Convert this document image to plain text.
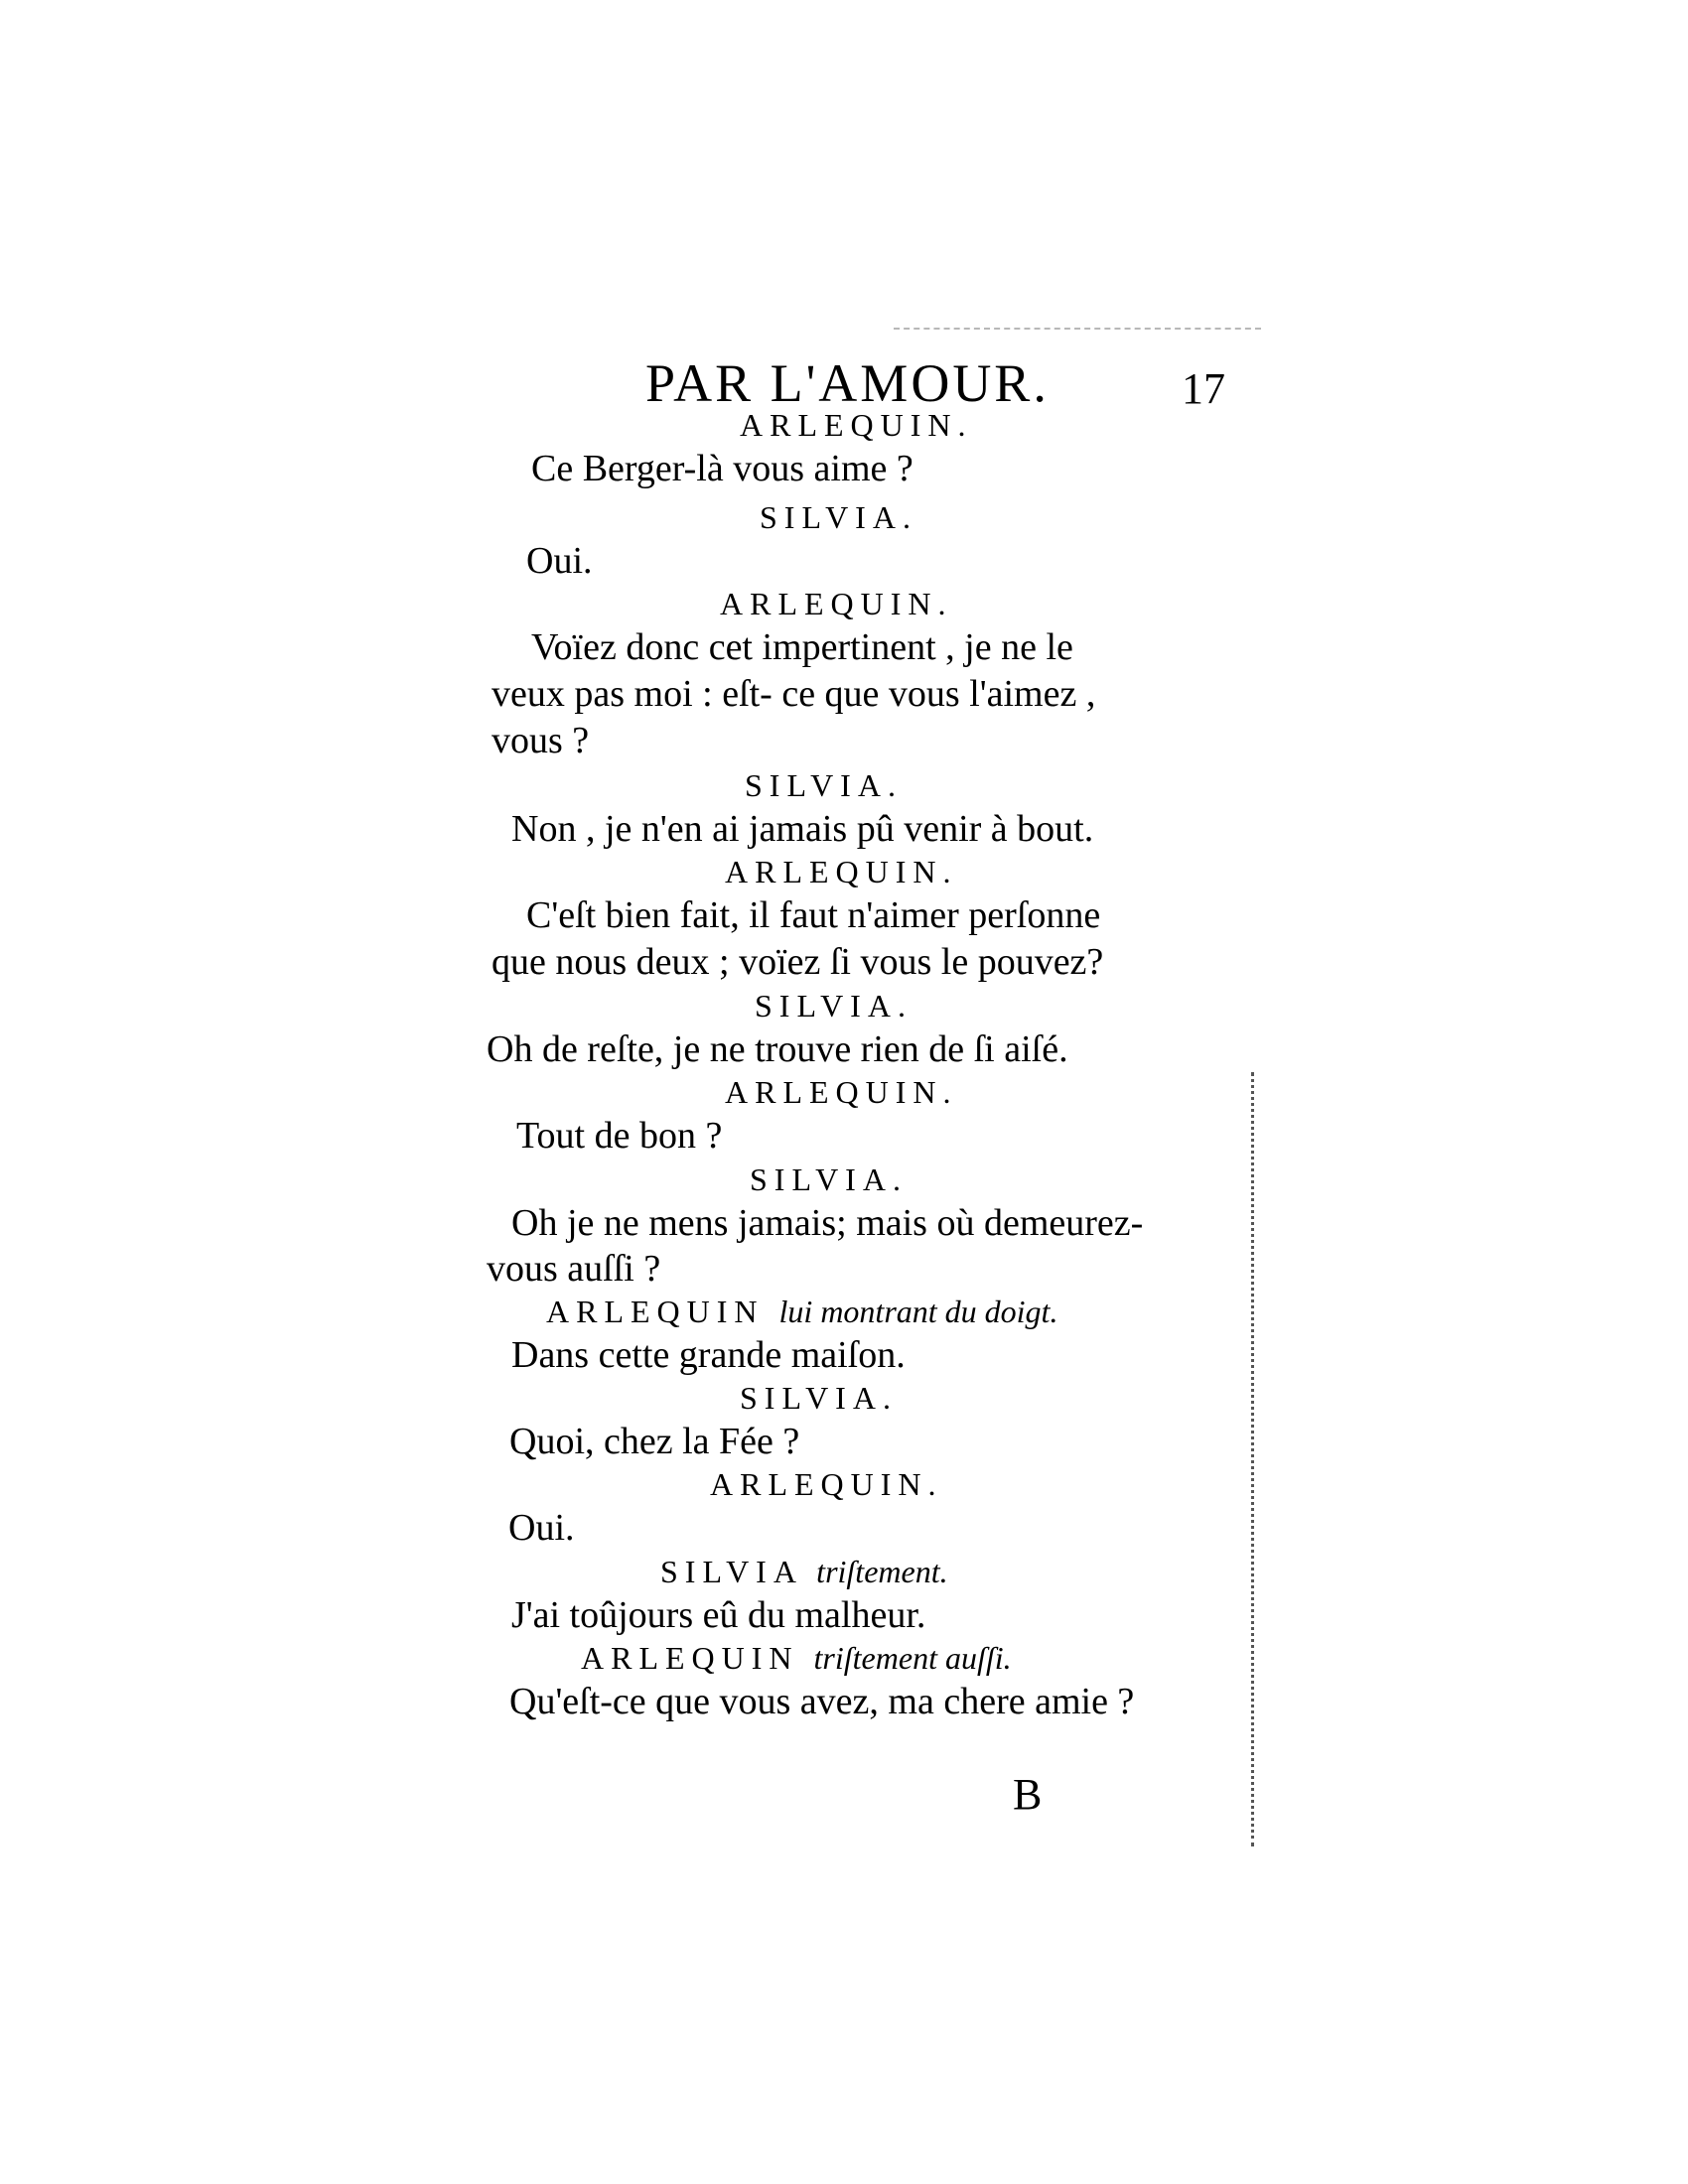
PAR L'AMOUR.	17
ARLEQUIN.
Ce Berger-là vous aime ?
SILVIA.
Oui.
ARLEQUIN.
Voïez donc cet impertinent , je ne le
veux pas moi : eſt- ce que vous l'aimez ,
vous ?
SILVIA.
Non , je n'en ai jamais pû venir à bout.
ARLEQUIN.
C'eſt bien fait, il faut n'aimer perſonne
que nous deux ; voïez ſi vous le pouvez?
SILVIA.
Oh de reſte, je ne trouve rien de ſi aiſé.
ARLEQUIN.
Tout de bon ?
SILVIA.
Oh je ne mens jamais; mais où demeurez-
vous auſſi ?
ARLEQUIN lui montrant du doigt.
Dans cette grande maiſon.
SILVIA.
Quoi, chez la Fée ?
ARLEQUIN.
Oui.
SILVIA triſtement.
J'ai toûjours eû du malheur.
ARLEQUIN triſtement auſſi.
Qu'eſt-ce que vous avez, ma chere amie ?
B
